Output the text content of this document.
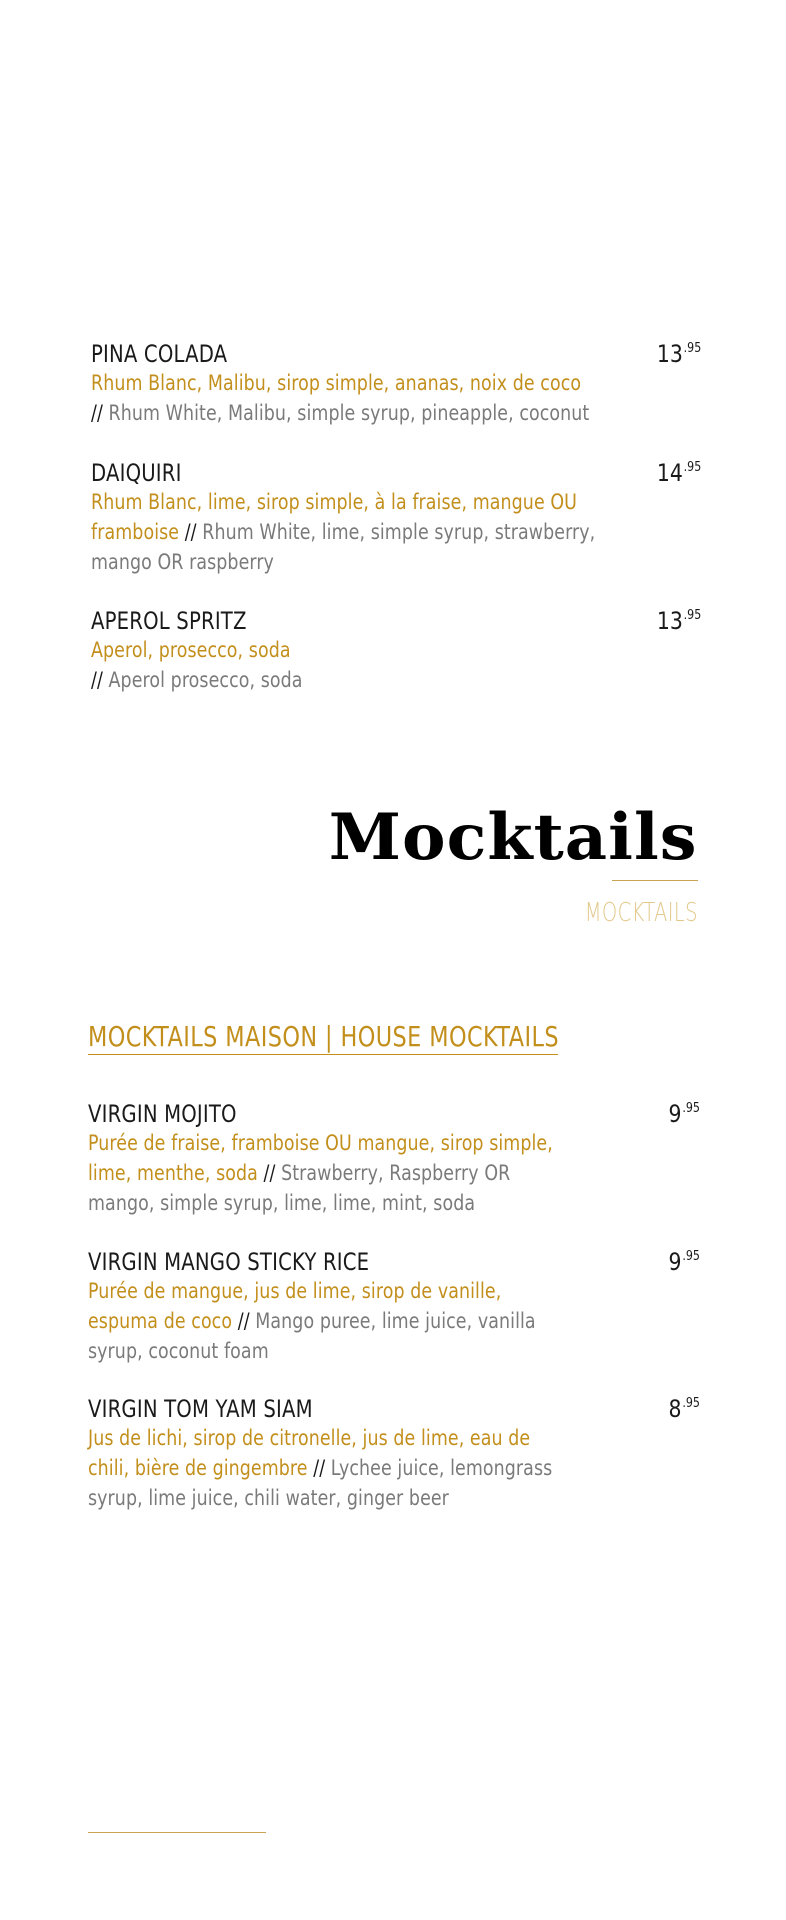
PINA COLADA	$13^{.95}$
Rhum Blanc, Malibu, sirop simple, ananas, noix de coco
// Rhum White, Malibu, simple syrup, pineapple, coconut
DAIQUIRI	$14^{.95}$
Rhum Blanc, lime, sirop simple, à la fraise, mangue OU framboise // Rhum White, lime, simple syrup, strawberry, mango OR raspberry
APEROL SPRITZ	$13^{.95}$
Aperol, prosecco, soda
// Aperol prosecco, soda
Mocktails
MOCKTAILS
MOCKTAILS MAISON | HOUSE MOCKTAILS
VIRGIN MOJITO	$9^{.95}$
Purée de fraise, framboise OU mangue, sirop simple, lime, menthe, soda // Strawberry, Raspberry OR mango, simple syrup, lime, lime, mint, soda
VIRGIN MANGO STICKY RICE	$9^{.95}$
Purée de mangue, jus de lime, sirop de vanille, espuma de coco // Mango puree, lime juice, vanilla syrup, coconut foam
VIRGIN TOM YAM SIAM	$8^{.95}$
Jus de lichi, sirop de citronelle, jus de lime, eau de chili, bière de gingembre // Lychee juice, lemongrass syrup, lime juice, chili water, ginger beer
